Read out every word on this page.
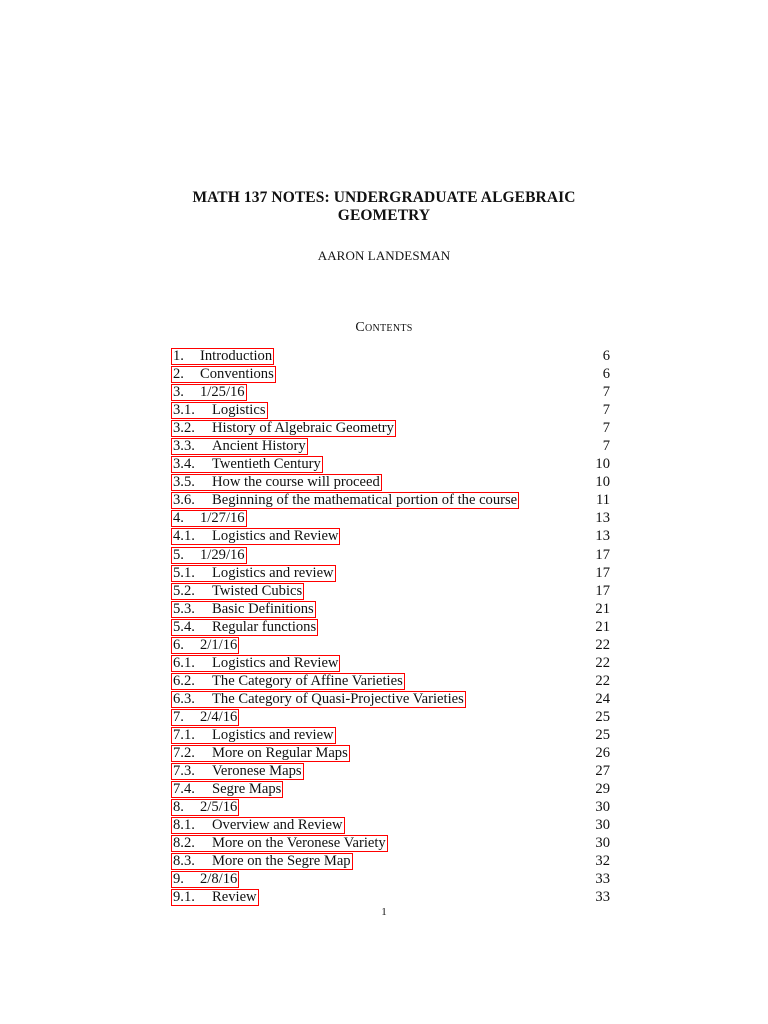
MATH 137 NOTES: UNDERGRADUATE ALGEBRAIC
GEOMETRY
AARON LANDESMAN
Contents
1. Introduction	6
2. Conventions	6
3. 1/25/16	7
3.1. Logistics	7
3.2. History of Algebraic Geometry	7
3.3. Ancient History	7
3.4. Twentieth Century	10
3.5. How the course will proceed	10
3.6. Beginning of the mathematical portion of the course	11
4. 1/27/16	13
4.1. Logistics and Review	13
5. 1/29/16	17
5.1. Logistics and review	17
5.2. Twisted Cubics	17
5.3. Basic Definitions	21
5.4. Regular functions	21
6. 2/1/16	22
6.1. Logistics and Review	22
6.2. The Category of Affine Varieties	22
6.3. The Category of Quasi-Projective Varieties	24
7. 2/4/16	25
7.1. Logistics and review	25
7.2. More on Regular Maps	26
7.3. Veronese Maps	27
7.4. Segre Maps	29
8. 2/5/16	30
8.1. Overview and Review	30
8.2. More on the Veronese Variety	30
8.3. More on the Segre Map	32
9. 2/8/16	33
9.1. Review	33
1
